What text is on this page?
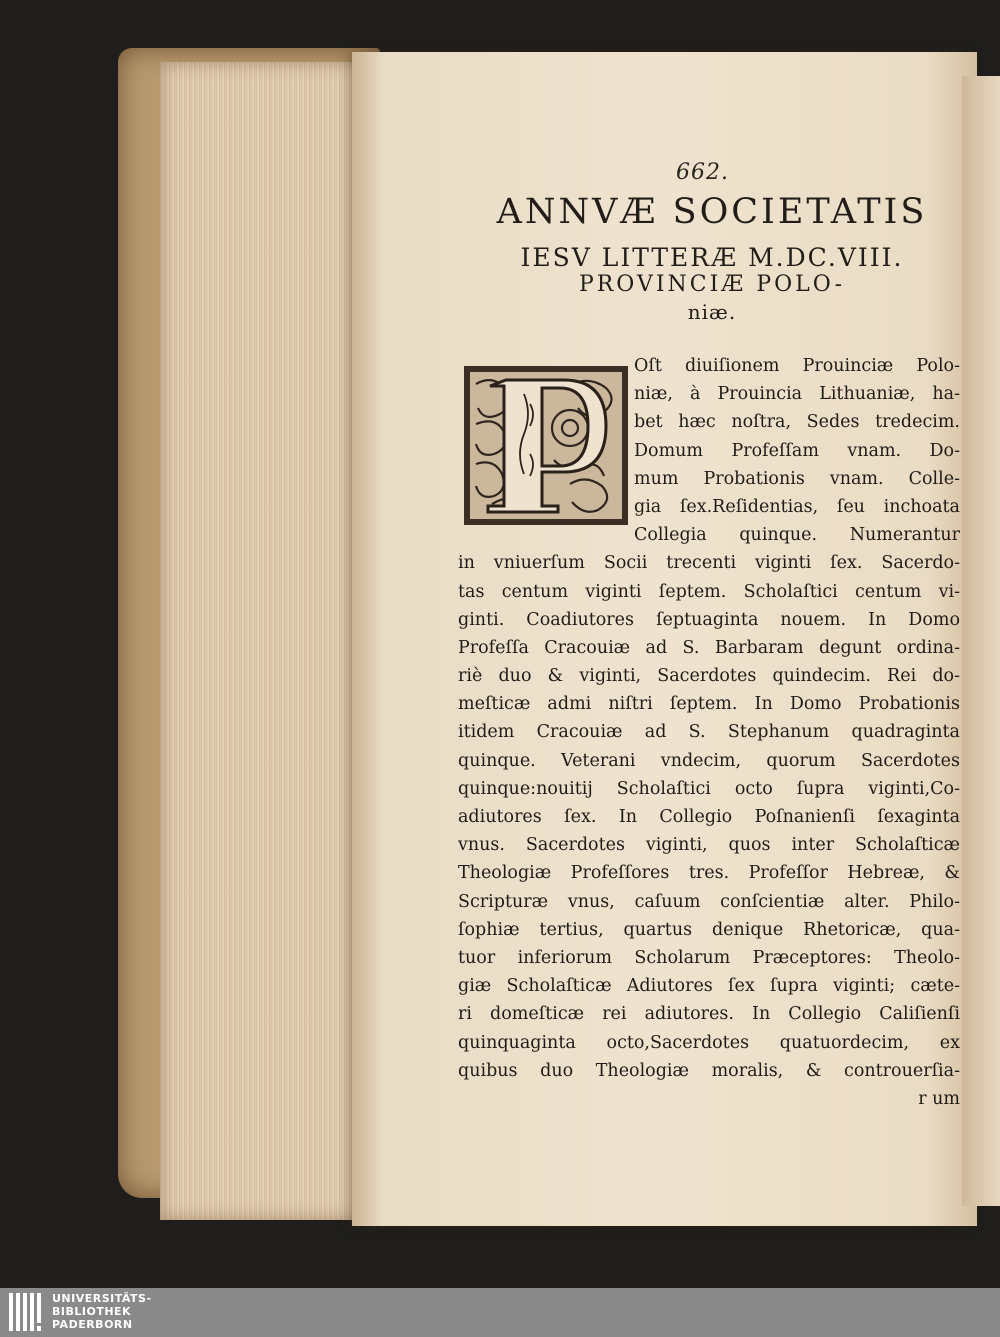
662.
ANNVÆ SOCIETATIS
IESV LITTERÆ M.DC.VIII.
PROVINCIÆ POLO-
niæ.
Oſt diuiſionem Prouinciæ Polo-
niæ, à Prouincia Lithuaniæ, ha-
bet hæc noſtra, Sedes tredecim.
Domum Profeſſam vnam. Do-
mum Probationis vnam. Colle-
gia ſex.Reſidentias, ſeu inchoata
Collegia quinque. Numerantur
in vniuerſum Socii trecenti viginti ſex. Sacerdo-
tas centum viginti ſeptem. Scholaſtici centum vi-
ginti. Coadiutores ſeptuaginta nouem. In Domo
Profeſſa Cracouiæ ad S. Barbaram degunt ordina-
riè duo & viginti, Sacerdotes quindecim. Rei do-
meſticæ admi niſtri ſeptem. In Domo Probationis
itidem Cracouiæ ad S. Stephanum quadraginta
quinque. Veterani vndecim, quorum Sacerdotes
quinque:nouitij Scholaſtici octo ſupra viginti,Co-
adiutores ſex. In Collegio Poſnanienſi ſexaginta
vnus. Sacerdotes viginti, quos inter Scholaſticæ
Theologiæ Profeſſores tres. Profeſſor Hebreæ, &
Scripturæ vnus, caſuum conſcientiæ alter. Philo-
ſophiæ tertius, quartus denique Rhetoricæ, qua-
tuor inferiorum Scholarum Præceptores: Theolo-
giæ Scholaſticæ Adiutores ſex ſupra viginti; cæte-
ri domeſticæ rei adiutores. In Collegio Caliſienſi
quinquaginta octo,Sacerdotes quatuordecim, ex
quibus duo Theologiæ moralis, & controuerſia-
r um
UNIVERSITÄTS-
BIBLIOTHEK
PADERBORN
